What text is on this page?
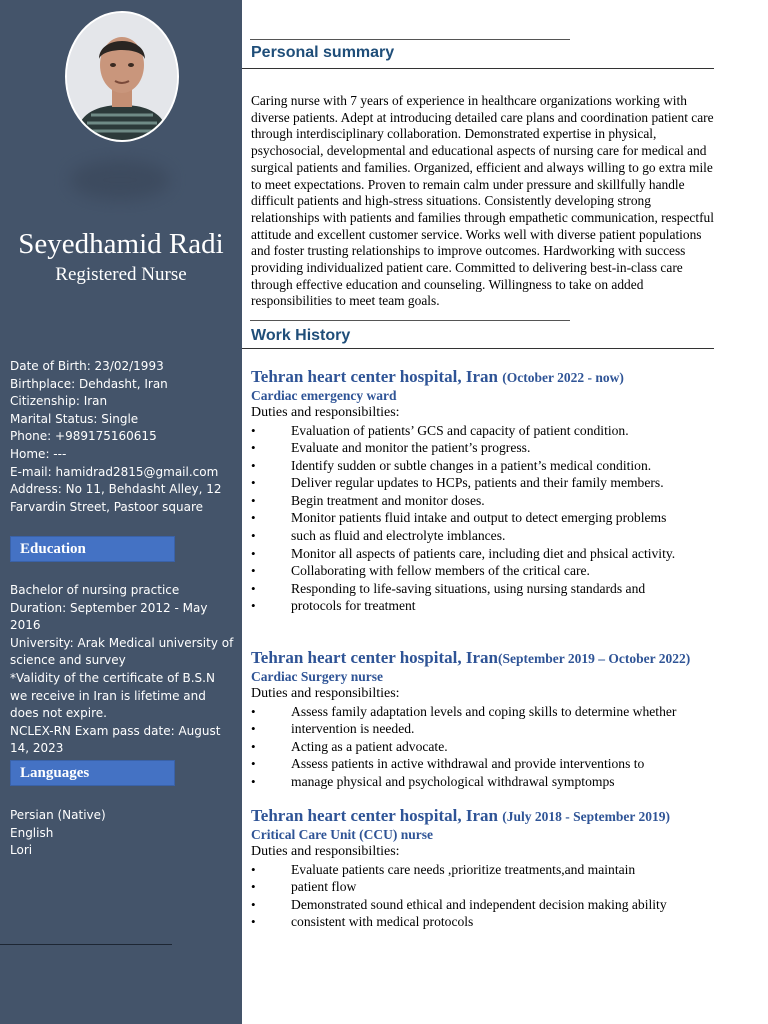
Seyedhamid Radi
Registered Nurse
Date of Birth: 23/02/1993
Birthplace: Dehdasht, Iran
Citizenship: Iran
Marital Status: Single
Phone: +989175160615
Home: ---
E-mail: hamidrad2815@gmail.com
Address: No 11, Behdasht Alley, 12 Farvardin Street, Pastoor square
Education
Bachelor of nursing practice
Duration: September 2012 - May 2016
University: Arak Medical university of science and survey
*Validity of the certificate of B.S.N we receive in Iran is lifetime and does not expire.
NCLEX-RN Exam pass date: August 14, 2023
Languages
Persian (Native)
English
Lori
Personal summary
Caring nurse with 7 years of experience in healthcare organizations working with diverse patients. Adept at introducing detailed care plans and coordination patient care through interdisciplinary collaboration. Demonstrated expertise in physical, psychosocial, developmental and educational aspects of nursing care for medical and surgical patients and families. Organized, efficient and always willing to go extra mile to meet expectations. Proven to remain calm under pressure and skillfully handle difficult patients and high-stress situations. Consistently developing strong relationships with patients and families through empathetic communication, respectful attitude and excellent customer service. Works well with diverse patient populations and foster trusting relationships to improve outcomes. Hardworking with success providing individualized patient care. Committed to delivering best-in-class care through effective education and counseling. Willingness to take on added responsibilities to meet team goals.
Work History
Tehran heart center hospital, Iran (October 2022 - now)
Cardiac emergency ward
Duties and responsibilties:
• Evaluation of patients’ GCS and capacity of patient condition.
• Evaluate and monitor the patient’s progress.
• Identify sudden or subtle changes in a patient’s medical condition.
• Deliver regular updates to HCPs, patients and their family members.
• Begin treatment and monitor doses.
• Monitor patients fluid intake and output to detect emerging problems
• such as fluid and electrolyte imblances.
• Monitor all aspects of patients care, including diet and phsical activity.
• Collaborating with fellow members of the critical care.
• Responding to life-saving situations, using nursing standards and
• protocols for treatment
Tehran heart center hospital, Iran(September 2019 – October 2022)
Cardiac Surgery nurse
Duties and responsibilties:
• Assess family adaptation levels and coping skills to determine whether
• intervention is needed.
• Acting as a patient advocate.
• Assess patients in active withdrawal and provide interventions to
• manage physical and psychological withdrawal symptomps
Tehran heart center hospital, Iran (July 2018 - September 2019)
Critical Care Unit (CCU) nurse
Duties and responsibilties:
• Evaluate patients care needs ,prioritize treatments,and maintain
• patient flow
• Demonstrated sound ethical and independent decision making ability
• consistent with medical protocols
